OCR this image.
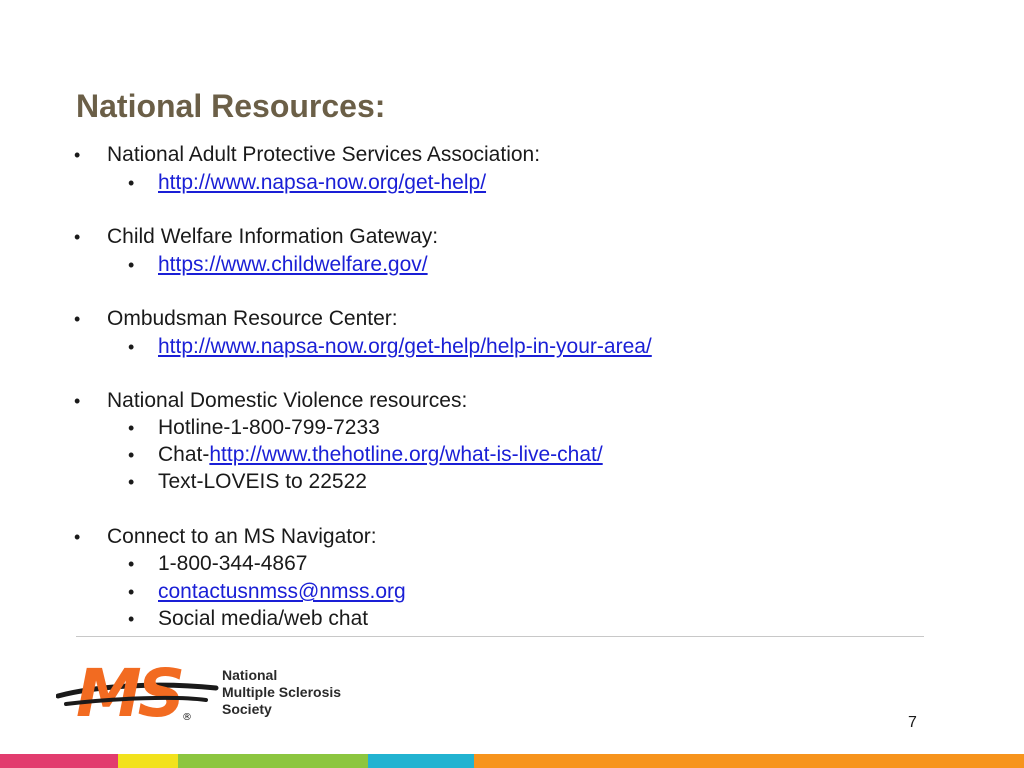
National Resources:
• National Adult Protective Services Association:
• http://www.napsa-now.org/get-help/
• Child Welfare Information Gateway:
• https://www.childwelfare.gov/
• Ombudsman Resource Center:
• http://www.napsa-now.org/get-help/help-in-your-area/
• National Domestic Violence resources:
• Hotline-1-800-799-7233
• Chat-http://www.thehotline.org/what-is-live-chat/
• Text-LOVEIS to 22522
• Connect to an MS Navigator:
• 1-800-344-4867
• contactusnmss@nmss.org
• Social media/web chat
MS ®
National
Multiple Sclerosis
Society
7
